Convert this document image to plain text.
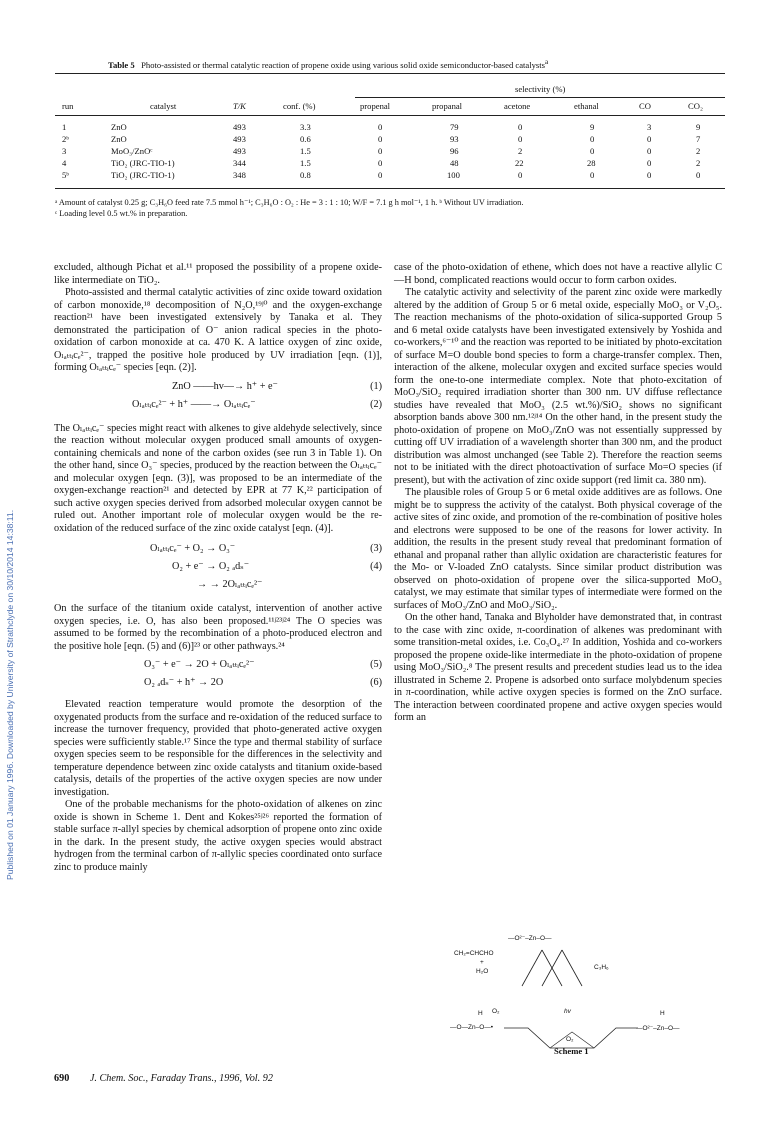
Published on 01 January 1996. Downloaded by University of Strathclyde on 30/10/2014 14:38:11.
Table 5 Photo-assisted or thermal catalytic reaction of propene oxide using various solid oxide semiconductor-based catalysts$^a$
selectivity (%)
run	catalyst	T/K	conf. (%)	propenal	propanal	acetone	ethanal	CO	CO₂
1	ZnO	493	3.3	0	79	0	9	3	9
2ᵇ	ZnO	493	0.6	0	93	0	0	0	7
3	MoO₃/ZnOᶜ	493	1.5	0	96	2	0	0	2
4	TiO₂ (JRC-TIO-1)	344	1.5	0	48	22	28	0	2
5ᵇ	TiO₂ (JRC-TIO-1)	348	0.8	0	100	0	0	0	0
ᵃ Amount of catalyst 0.25 g; C₃H₆O feed rate 7.5 mmol h⁻¹; C₃H₆O : O₂ : He = 3 : 1 : 10; W/F = 7.1 g h mol⁻¹, 1 h. ᵇ Without UV irradiation.
ᶜ Loading level 0.5 wt.% in preparation.

excluded, although Pichat et al.¹¹ proposed the possibility of a propene oxide-like intermediate on TiO₂.

Photo-assisted and thermal catalytic activities of zinc oxide toward oxidation of carbon monoxide,¹⁸ decomposition of N₂O,¹⁹ʲ⁰ and the oxygen-exchange reaction²¹ have been investigated extensively by Tanaka et al. They demonstrated the participation of O⁻ anion radical species in the photo-oxidation of carbon monoxide at ca. 470 K. A lattice oxygen of zinc oxide, Oₗₐₜₜᵢcₑ²⁻, trapped the positive hole produced by UV irradiation [eqn. (1)], forming Oₗₐₜₜᵢcₑ⁻ species [eqn. (2)].

ZnO ——hv—→ h⁺ + e⁻	(1)
Oₗₐₜₜᵢcₑ²⁻ + h⁺ ——→ Oₗₐₜₜᵢcₑ⁻	(2)

The Oₗₐₜₜᵢcₑ⁻ species might react with alkenes to give aldehyde selectively, since the reaction without molecular oxygen produced small amounts of oxygen-containing chemicals and none of the carbon oxides (see run 3 in Table 1). On the other hand, since O₃⁻ species, produced by the reaction between the Oₗₐₜₜᵢcₑ⁻ and molecular oxygen [eqn. (3)], was proposed to be an intermediate of the oxygen-exchange reaction²¹ and detected by EPR at 77 K,²² participation of such active oxygen species derived from adsorbed molecular oxygen cannot be ruled out. Another important role of molecular oxygen would be the re-oxidation of the reduced surface of the zinc oxide catalyst [eqn. (4)].

Oₗₐₜₜᵢcₑ⁻ + O₂ → O₃⁻	(3)
O₂ + e⁻ → O₂ ₐdₛ⁻	(4)
→ → 2Oₗₐₜₜᵢcₑ²⁻

On the surface of the titanium oxide catalyst, intervention of another active oxygen species, i.e. O, has also been proposed.¹¹ʲ²³ʲ²⁴ The O species was assumed to be formed by the recombination of a photo-produced electron and the positive hole [eqn. (5) and (6)]²³ or other pathways.²⁴

O₃⁻ + e⁻ → 2O + Oₗₐₜₜᵢcₑ²⁻	(5)
O₂ ₐdₛ⁻ + h⁺ → 2O	(6)

Elevated reaction temperature would promote the desorption of the oxygenated products from the surface and re-oxidation of the reduced surface to increase the turnover frequency, provided that photo-generated active oxygen species were sufficiently stable.¹⁷ Since the type and thermal stability of surface oxygen species seem to be responsible for the differences in the selectivity and temperature dependence between zinc oxide catalysts and titanium oxide-based catalysis, details of the properties of the active oxygen species are now under investigation.

One of the probable mechanisms for the photo-oxidation of alkenes on zinc oxide is shown in Scheme 1. Dent and Kokes²⁵ʲ²⁶ reported the formation of stable surface π-allyl species by chemical adsorption of propene onto zinc oxide in the dark. In the present study, the active oxygen species would abstract hydrogen from the terminal carbon of π-allylic species coordinated onto surface zinc to produce mainly

case of the photo-oxidation of ethene, which does not have a reactive allylic C—H bond, complicated reactions would occur to form carbon oxides.

The catalytic activity and selectivity of the parent zinc oxide were markedly altered by the addition of Group 5 or 6 metal oxide, especially MoO₃ or V₂O₅. The reaction mechanisms of the photo-oxidation of silica-supported Group 5 and 6 metal oxide catalysts have been investigated extensively by Yoshida and co-workers,⁶⁻¹⁰ and the reaction was reported to be initiated by photo-excitation of surface M=O double bond species to form a charge-transfer complex. Then, interaction of the alkene, molecular oxygen and excited surface species would form the one-to-one intermediate complex. Note that photo-excitation of MoO₃/SiO₂ required irradiation shorter than 300 nm. UV diffuse reflectance studies have revealed that MoO₃ (2.5 wt.%)/SiO₂ shows no significant absorption bands above 300 nm.¹²ʲ¹⁴ On the other hand, in the present study the photo-oxidation of propene on MoO₃/ZnO was not essentially suppressed by cutting off UV irradiation of a wavelength shorter than 300 nm, and the product distribution was almost unchanged (see Table 2). Therefore the reaction seems not to be initiated with the direct photoactivation of surface Mo=O species (if present), but with the activation of zinc oxide support (red limit ca. 380 nm).

The plausible roles of Group 5 or 6 metal oxide additives are as follows. One might be to suppress the activity of the catalyst. Both physical coverage of the active sites of zinc oxide, and promotion of the re-combination of positive holes and electrons were supposed to be one of the reasons for lower activity. In addition, the results in the present study reveal that predominant formation of ethanal and propanal rather than allylic oxidation are characteristic features for the Mo- or V-loaded ZnO catalysts. Since similar product distribution was observed on photo-oxidation of propene over the silica-supported MoO₃ catalyst, we may estimate that similar types of intermediate were formed on the surfaces of MoO₃/ZnO and MoO₃/SiO₂.

On the other hand, Tanaka and Blyholder have demonstrated that, in contrast to the case with zinc oxide, π-coordination of alkenes was predominant with some transition-metal oxides, i.e. Co₃O₄.²⁷ In addition, Yoshida and co-workers proposed the propene oxide-like intermediate in the photo-oxidation of propene using MoO₃/SiO₂.⁸ The present results and precedent studies lead us to the idea illustrated in Scheme 2. Propene is adsorbed onto surface molybdenum species in π-coordination, while active oxygen species is formed on the ZnO surface. The interaction between coordinated propene and active oxygen species would form an

—O²⁻–Zn–O—
CH₂=CHCHO
+
H₂O
C₃H₆
hv
H O₂	H
—O—Zn–O—•	—O²⁻–Zn–O—
O₂
Scheme 1
690 J. Chem. Soc., Faraday Trans., 1996, Vol. 92
